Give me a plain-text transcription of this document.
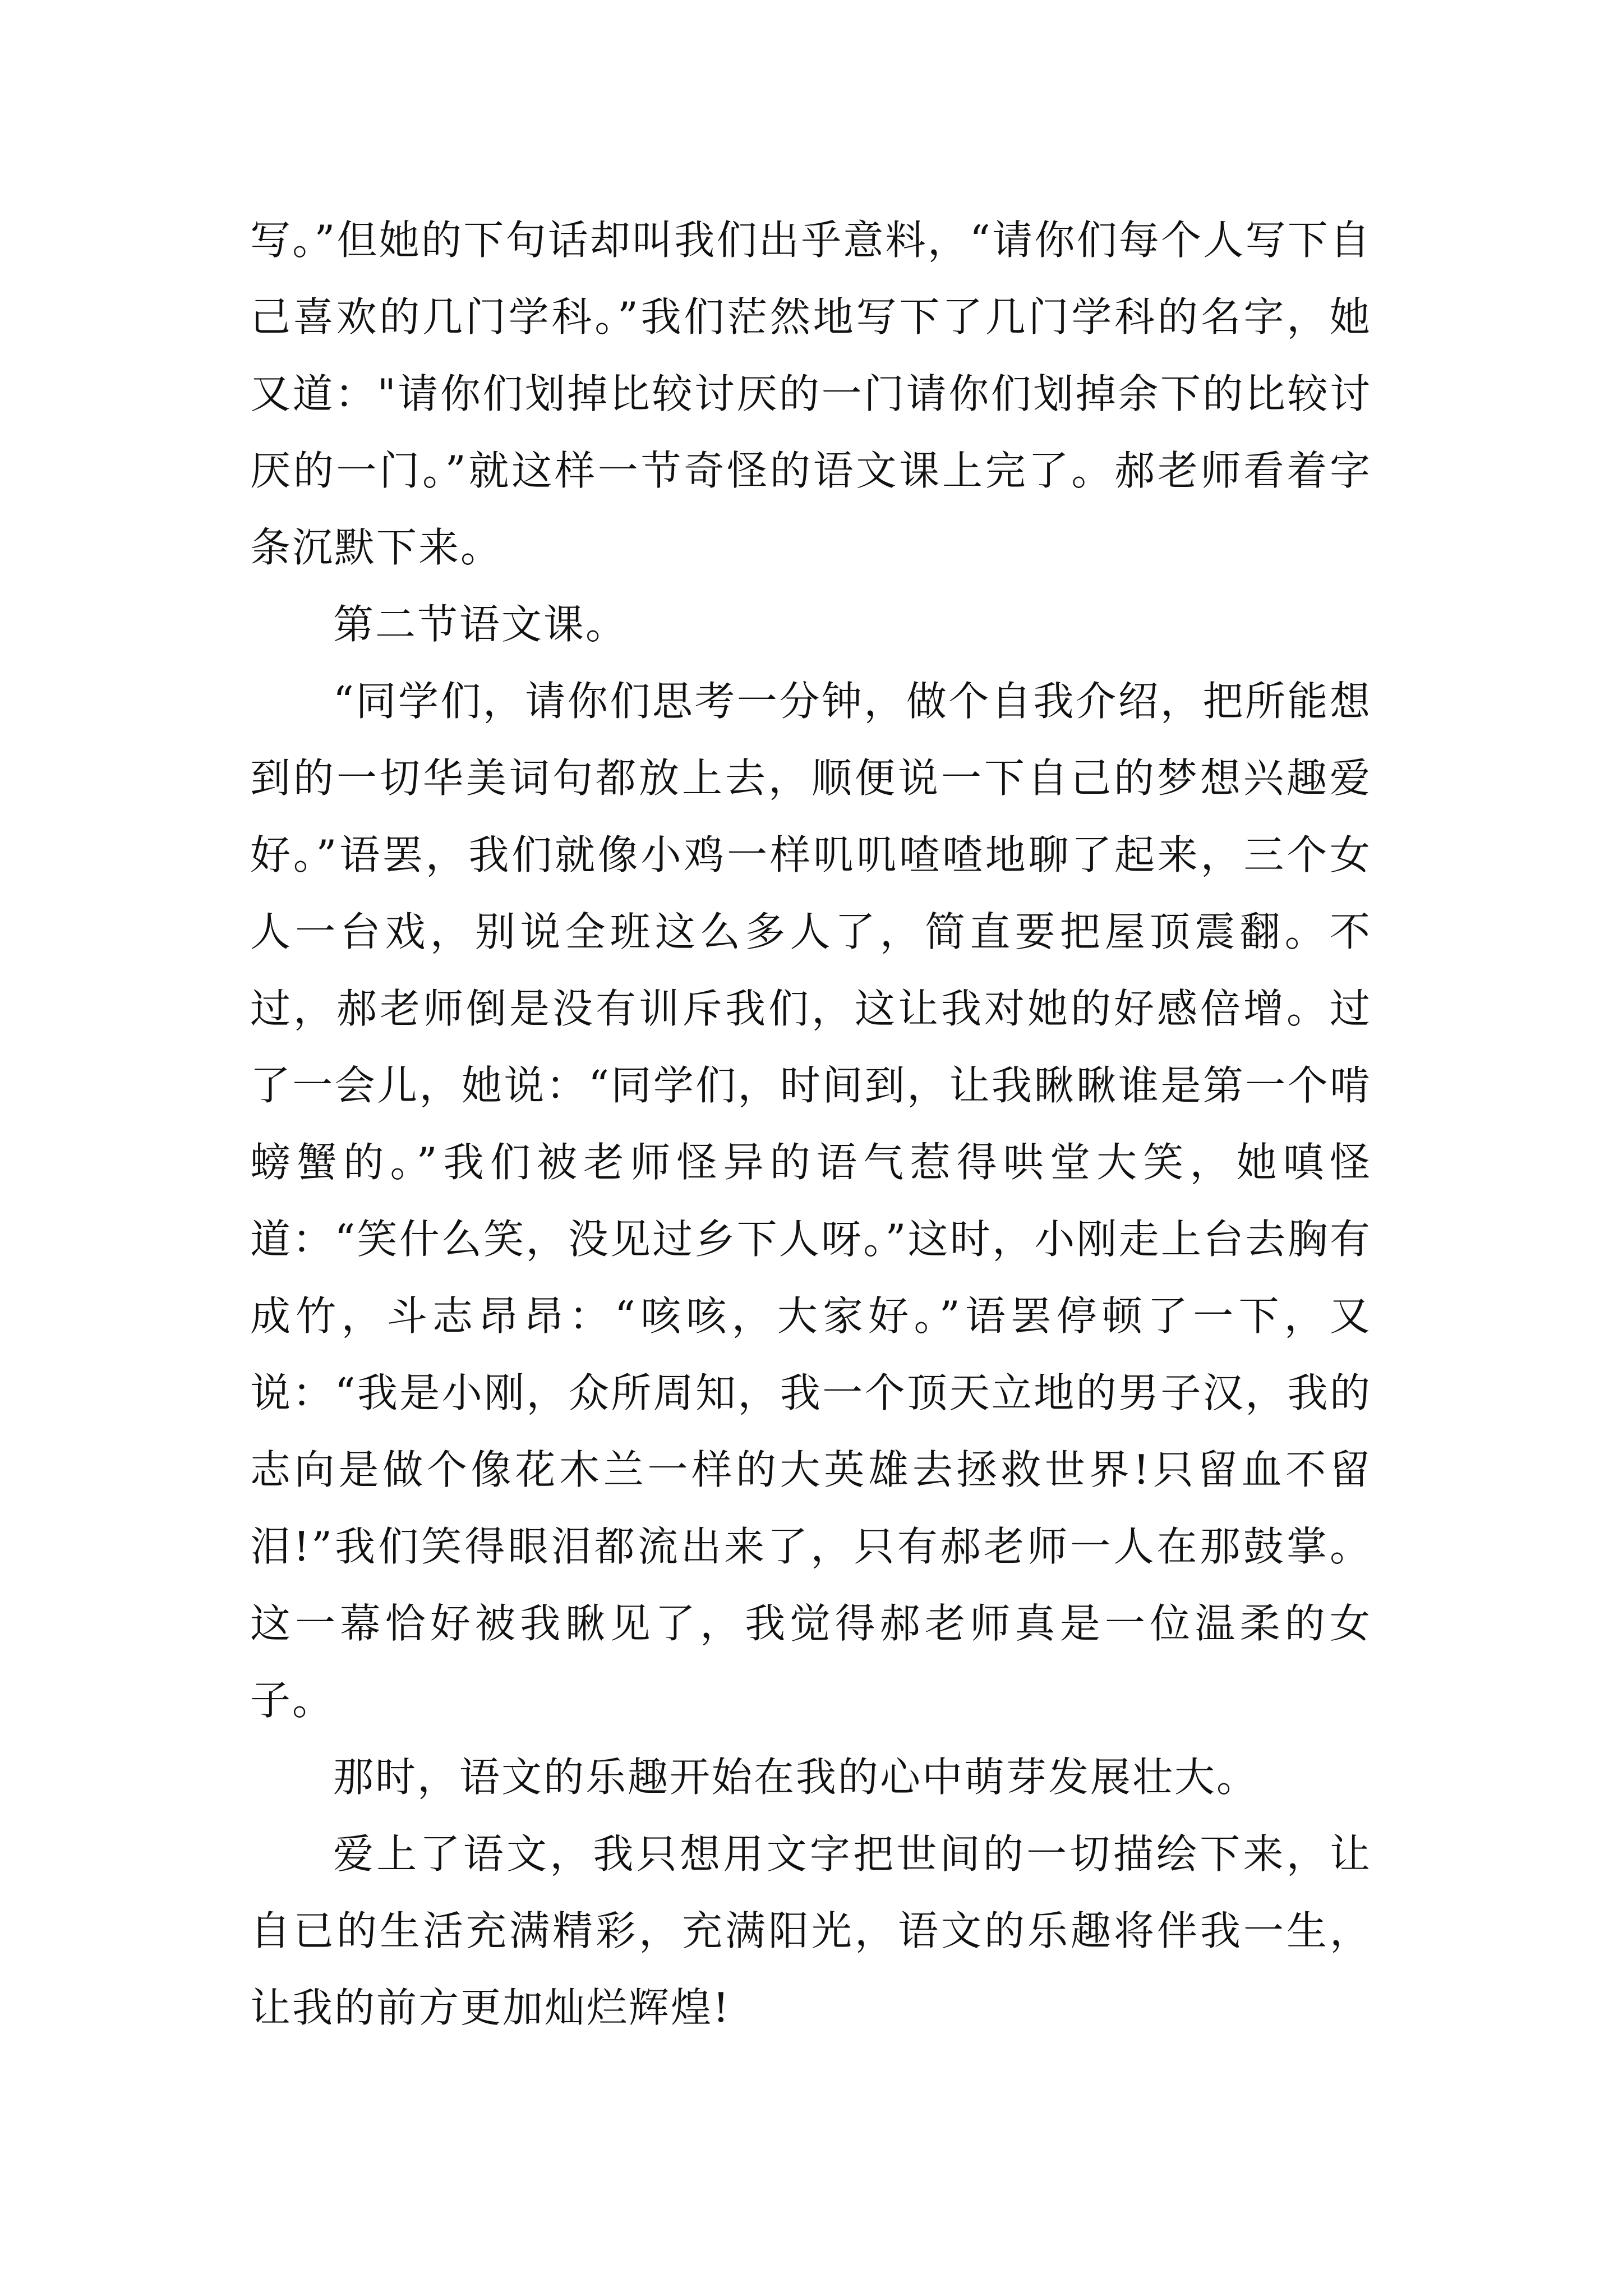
写。”但她的下句话却叫我们出乎意料，“请你们每个人写下自己喜欢的几门学科。”我们茫然地写下了几门学科的名字，她又道："请你们划掉比较讨厌的一门请你们划掉余下的比较讨厌的一门。”就这样一节奇怪的语文课上完了。郝老师看着字条沉默下来。

第二节语文课。

“同学们，请你们思考一分钟，做个自我介绍，把所能想到的一切华美词句都放上去，顺便说一下自己的梦想兴趣爱好。”语罢，我们就像小鸡一样叽叽喳喳地聊了起来，三个女人一台戏，别说全班这么多人了，简直要把屋顶震翻。不过，郝老师倒是没有训斥我们，这让我对她的好感倍增。过了一会儿，她说：“同学们，时间到，让我瞅瞅谁是第一个啃螃蟹的。”我们被老师怪异的语气惹得哄堂大笑，她嗔怪道：“笑什么笑，没见过乡下人呀。”这时，小刚走上台去胸有成竹，斗志昂昂：“咳咳，大家好。”语罢停顿了一下，又说：“我是小刚，众所周知，我一个顶天立地的男子汉，我的志向是做个像花木兰一样的大英雄去拯救世界!只留血不留泪!”我们笑得眼泪都流出来了，只有郝老师一人在那鼓掌。这一幕恰好被我瞅见了，我觉得郝老师真是一位温柔的女子。

那时，语文的乐趣开始在我的心中萌芽发展壮大。

爱上了语文，我只想用文字把世间的一切描绘下来，让自已的生活充满精彩，充满阳光，语文的乐趣将伴我一生，让我的前方更加灿烂辉煌!
